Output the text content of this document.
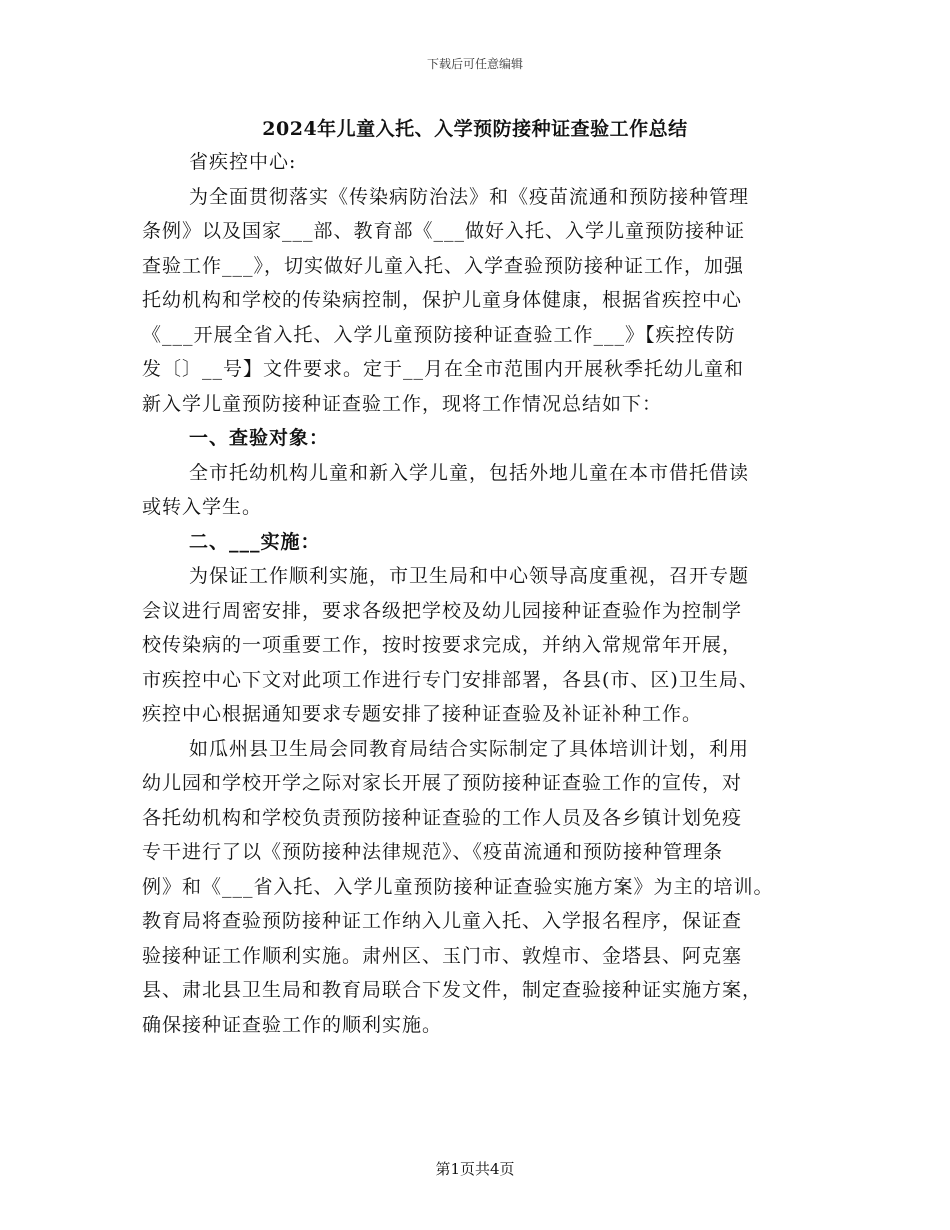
下载后可任意编辑
2024年儿童入托、入学预防接种证查验工作总结
省疾控中心:
为全面贯彻落实《传染病防治法》和《疫苗流通和预防接种管理
条例》以及国家___部、教育部《___做好入托、入学儿童预防接种证
查验工作___》，切实做好儿童入托、入学查验预防接种证工作，加强
托幼机构和学校的传染病控制，保护儿童身体健康，根据省疾控中心
《___开展全省入托、入学儿童预防接种证查验工作___》【疾控传防
发〔〕__号】文件要求。定于__月在全市范围内开展秋季托幼儿童和
新入学儿童预防接种证查验工作，现将工作情况总结如下：
一、查验对象：
全市托幼机构儿童和新入学儿童，包括外地儿童在本市借托借读
或转入学生。
二、___实施：
为保证工作顺利实施，市卫生局和中心领导高度重视，召开专题
会议进行周密安排，要求各级把学校及幼儿园接种证查验作为控制学
校传染病的一项重要工作，按时按要求完成，并纳入常规常年开展，
市疾控中心下文对此项工作进行专门安排部署，各县(市、区)卫生局、
疾控中心根据通知要求专题安排了接种证查验及补证补种工作。
如瓜州县卫生局会同教育局结合实际制定了具体培训计划，利用
幼儿园和学校开学之际对家长开展了预防接种证查验工作的宣传，对
各托幼机构和学校负责预防接种证查验的工作人员及各乡镇计划免疫
专干进行了以《预防接种法律规范》、《疫苗流通和预防接种管理条
例》和《___省入托、入学儿童预防接种证查验实施方案》为主的培训。
教育局将查验预防接种证工作纳入儿童入托、入学报名程序，保证查
验接种证工作顺利实施。肃州区、玉门市、敦煌市、金塔县、阿克塞
县、肃北县卫生局和教育局联合下发文件，制定查验接种证实施方案，
确保接种证查验工作的顺利实施。
第1页共4页
